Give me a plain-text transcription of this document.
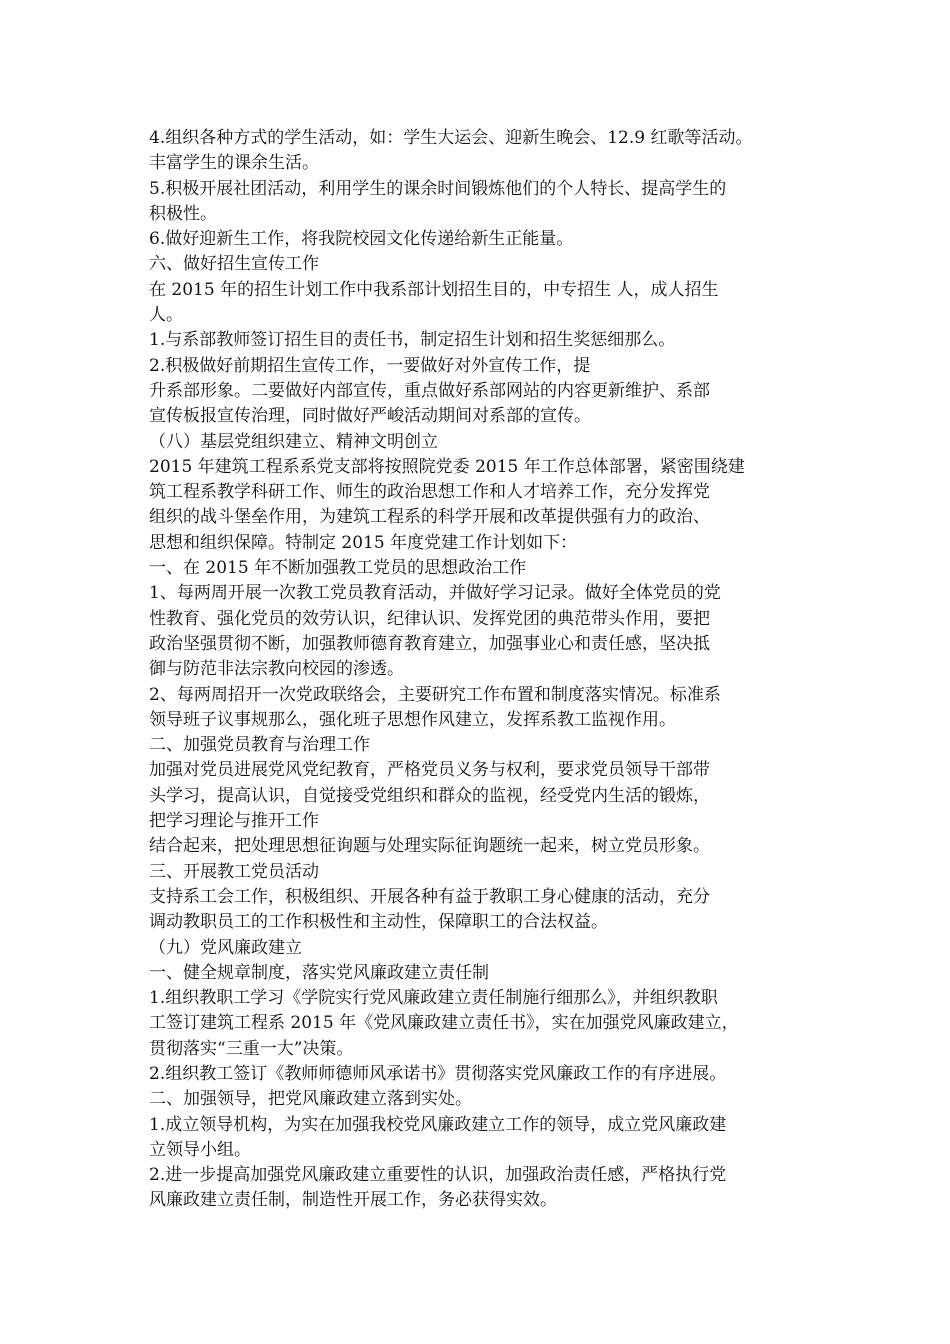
4.组织各种方式的学生活动，如：学生大运会、迎新生晚会、12.9 红歌等活动。
丰富学生的课余生活。
5.积极开展社团活动，利用学生的课余时间锻炼他们的个人特长、提高学生的
积极性。
6.做好迎新生工作，将我院校园文化传递给新生正能量。
六、做好招生宣传工作
在 2015 年的招生计划工作中我系部计划招生目的，中专招生 人，成人招生
人。
1.与系部教师签订招生目的责任书，制定招生计划和招生奖惩细那么。
2.积极做好前期招生宣传工作，一要做好对外宣传工作，提
升系部形象。二要做好内部宣传，重点做好系部网站的内容更新维护、系部
宣传板报宣传治理，同时做好严峻活动期间对系部的宣传。
（八）基层党组织建立、精神文明创立
2015 年建筑工程系系党支部将按照院党委 2015 年工作总体部署，紧密围绕建
筑工程系教学科研工作、师生的政治思想工作和人才培养工作，充分发挥党
组织的战斗堡垒作用，为建筑工程系的科学开展和改革提供强有力的政治、
思想和组织保障。特制定 2015 年度党建工作计划如下：
一、在 2015 年不断加强教工党员的思想政治工作
1、每两周开展一次教工党员教育活动，并做好学习记录。做好全体党员的党
性教育、强化党员的效劳认识，纪律认识、发挥党团的典范带头作用，要把
政治坚强贯彻不断，加强教师德育教育建立，加强事业心和责任感，坚决抵
御与防范非法宗教向校园的渗透。
2、每两周招开一次党政联络会，主要研究工作布置和制度落实情况。标准系
领导班子议事规那么，强化班子思想作风建立，发挥系教工监视作用。
二、加强党员教育与治理工作
加强对党员进展党风党纪教育，严格党员义务与权利，要求党员领导干部带
头学习，提高认识，自觉接受党组织和群众的监视，经受党内生活的锻炼，
把学习理论与推开工作
结合起来，把处理思想征询题与处理实际征询题统一起来，树立党员形象。
三、开展教工党员活动
支持系工会工作，积极组织、开展各种有益于教职工身心健康的活动，充分
调动教职员工的工作积极性和主动性，保障职工的合法权益。
（九）党风廉政建立
一、健全规章制度，落实党风廉政建立责任制
1.组织教职工学习《学院实行党风廉政建立责任制施行细那么》，并组织教职
工签订建筑工程系 2015 年《党风廉政建立责任书》，实在加强党风廉政建立，
贯彻落实“三重一大”决策。
2.组织教工签订《教师师德师风承诺书》贯彻落实党风廉政工作的有序进展。
二、加强领导，把党风廉政建立落到实处。
1.成立领导机构，为实在加强我校党风廉政建立工作的领导，成立党风廉政建
立领导小组。
2.进一步提高加强党风廉政建立重要性的认识，加强政治责任感，严格执行党
风廉政建立责任制，制造性开展工作，务必获得实效。
